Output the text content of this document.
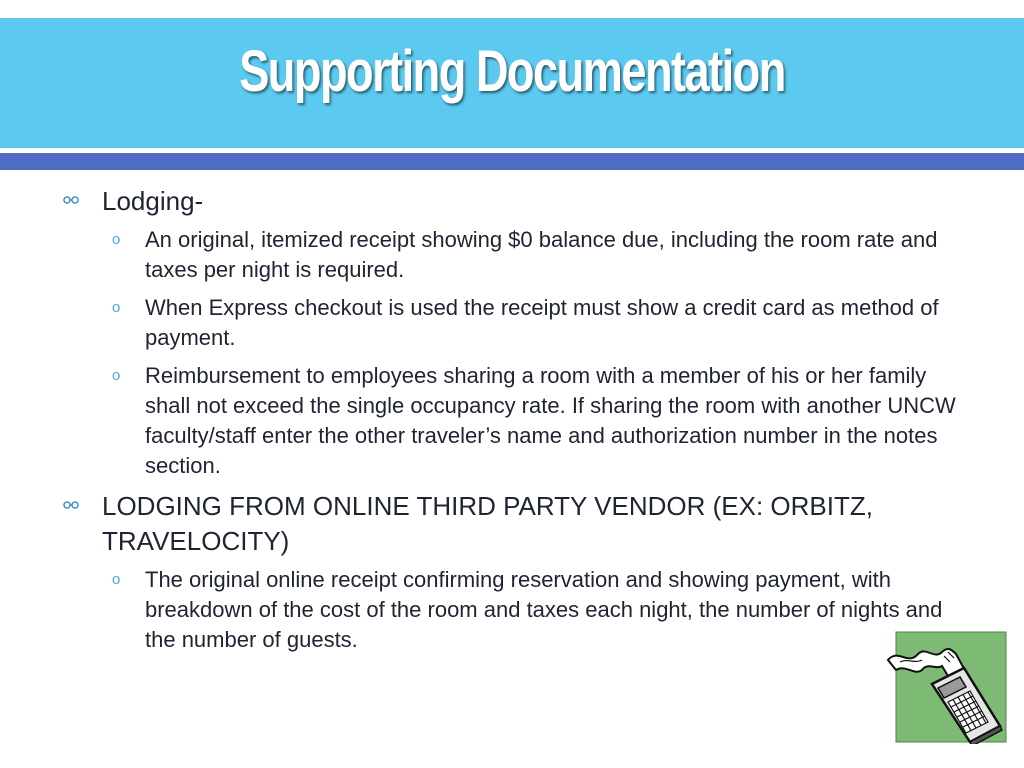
Supporting Documentation
Lodging-
o An original, itemized receipt showing $0 balance due, including the room rate and taxes per night is required.
o When Express checkout is used the receipt must show a credit card as method of payment.
o Reimbursement to employees sharing a room with a member of his or her family shall not exceed the single occupancy rate. If sharing the room with another UNCW faculty/staff enter the other traveler’s name and authorization number in the notes section.
LODGING FROM ONLINE THIRD PARTY VENDOR (EX: ORBITZ, TRAVELOCITY)
o The original online receipt confirming reservation and showing payment, with breakdown of the cost of the room and taxes each night, the number of nights and the number of guests.
